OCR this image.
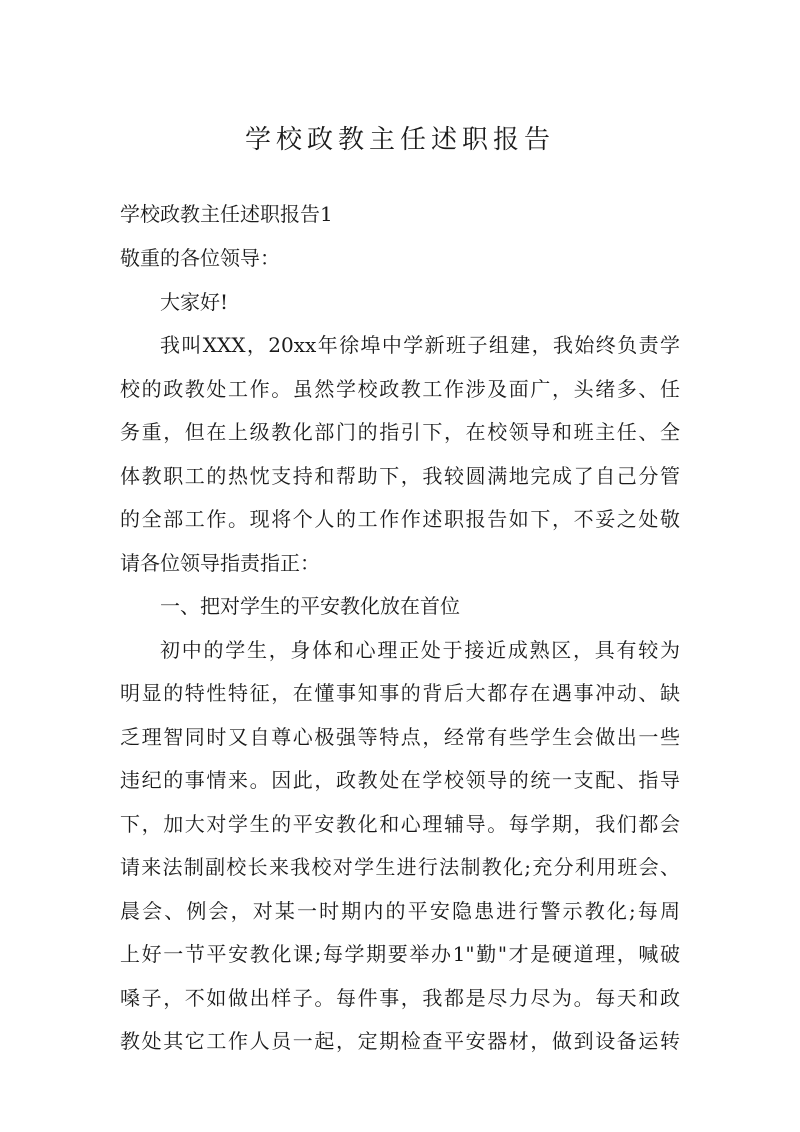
学校政教主任述职报告
学校政教主任述职报告1
敬重的各位领导：
大家好!
我叫XXX，20xx年徐埠中学新班子组建，我始终负责学
校的政教处工作。虽然学校政教工作涉及面广，头绪多、任
务重，但在上级教化部门的指引下，在校领导和班主任、全
体教职工的热忱支持和帮助下，我较圆满地完成了自己分管
的全部工作。现将个人的工作作述职报告如下，不妥之处敬
请各位领导指责指正：
一、把对学生的平安教化放在首位
初中的学生，身体和心理正处于接近成熟区，具有较为
明显的特性特征，在懂事知事的背后大都存在遇事冲动、缺
乏理智同时又自尊心极强等特点，经常有些学生会做出一些
违纪的事情来。因此，政教处在学校领导的统一支配、指导
下，加大对学生的平安教化和心理辅导。每学期，我们都会
请来法制副校长来我校对学生进行法制教化;充分利用班会、
晨会、例会，对某一时期内的平安隐患进行警示教化;每周
上好一节平安教化课;每学期要举办1"勤"才是硬道理，喊破
嗓子，不如做出样子。每件事，我都是尽力尽为。每天和政
教处其它工作人员一起，定期检查平安器材，做到设备运转
